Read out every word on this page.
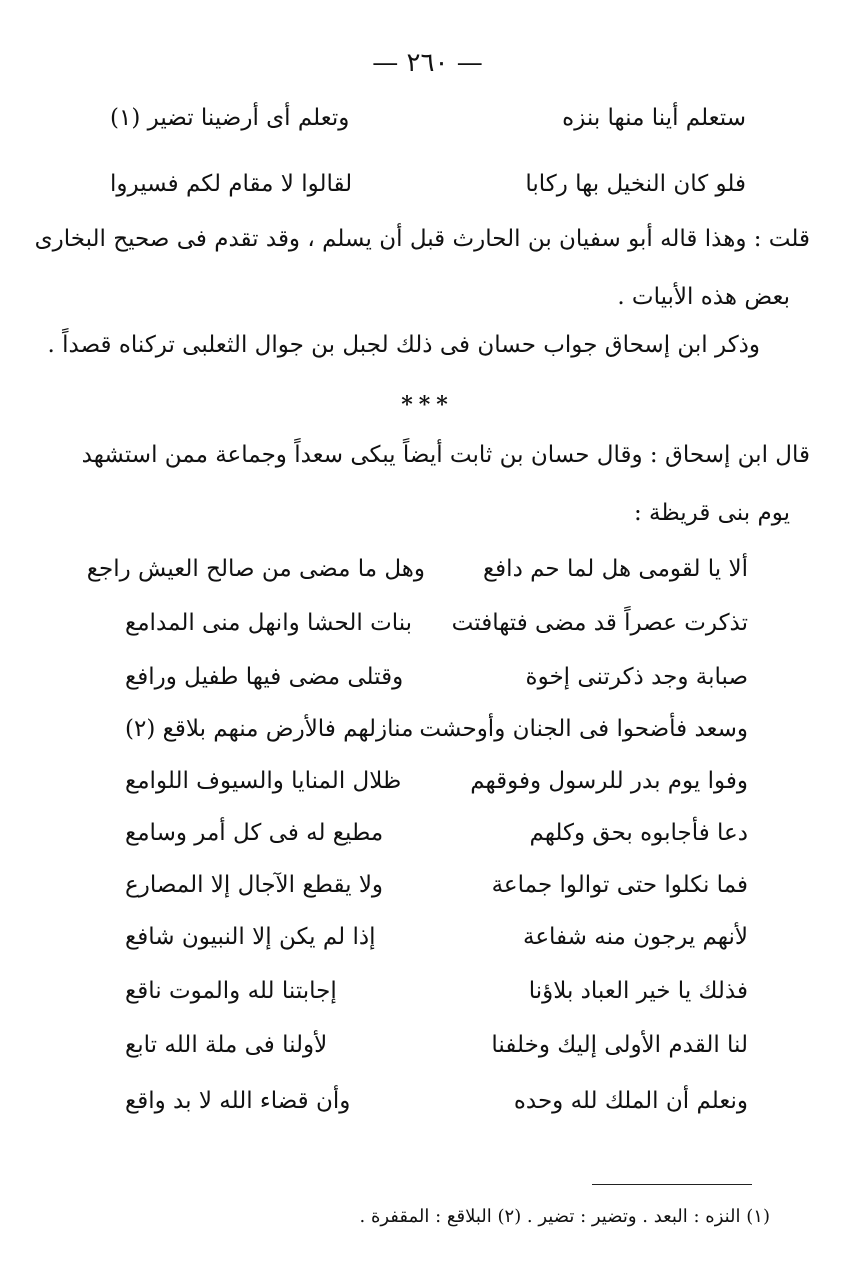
— ٢٦٠ —
ستعلم أينا منها بنزه
وتعلم أى أرضينا تضير (١)
فلو كان النخيل بها ركابا
لقالوا لا مقام لكم فسيروا
قلت : وهذا قاله أبو سفيان بن الحارث قبل أن يسلم ، وقد تقدم فى صحيح البخارى
بعض هذه الأبيات .
وذكر ابن إسحاق جواب حسان فى ذلك لجبل بن جوال الثعلبى تركناه قصداً .
***
قال ابن إسحاق : وقال حسان بن ثابت أيضاً يبكى سعداً وجماعة ممن استشهد
يوم بنى قريظة :
ألا يا لقومى هل لما حم دافع
وهل ما مضى من صالح العيش راجع
تذكرت عصراً قد مضى فتهافتت
بنات الحشا وانهل منى المدامع
صبابة وجد ذكرتنى إخوة
وقتلى مضى فيها طفيل ورافع
وسعد فأضحوا فى الجنان وأوحشت
منازلهم فالأرض منهم بلاقع (٢)
وفوا يوم بدر للرسول وفوقهم
ظلال المنايا والسيوف اللوامع
دعا فأجابوه بحق وكلهم
مطيع له فى كل أمر وسامع
فما نكلوا حتى توالوا جماعة
ولا يقطع الآجال إلا المصارع
لأنهم يرجون منه شفاعة
إذا لم يكن إلا النبيون شافع
فذلك يا خير العباد بلاؤنا
إجابتنا لله والموت ناقع
لنا القدم الأولى إليك وخلفنا
لأولنا فى ملة الله تابع
ونعلم أن الملك لله وحده
وأن قضاء الله لا بد واقع
(١) النزه : البعد . وتضير : تضير . (٢) البلاقع : المقفرة .
